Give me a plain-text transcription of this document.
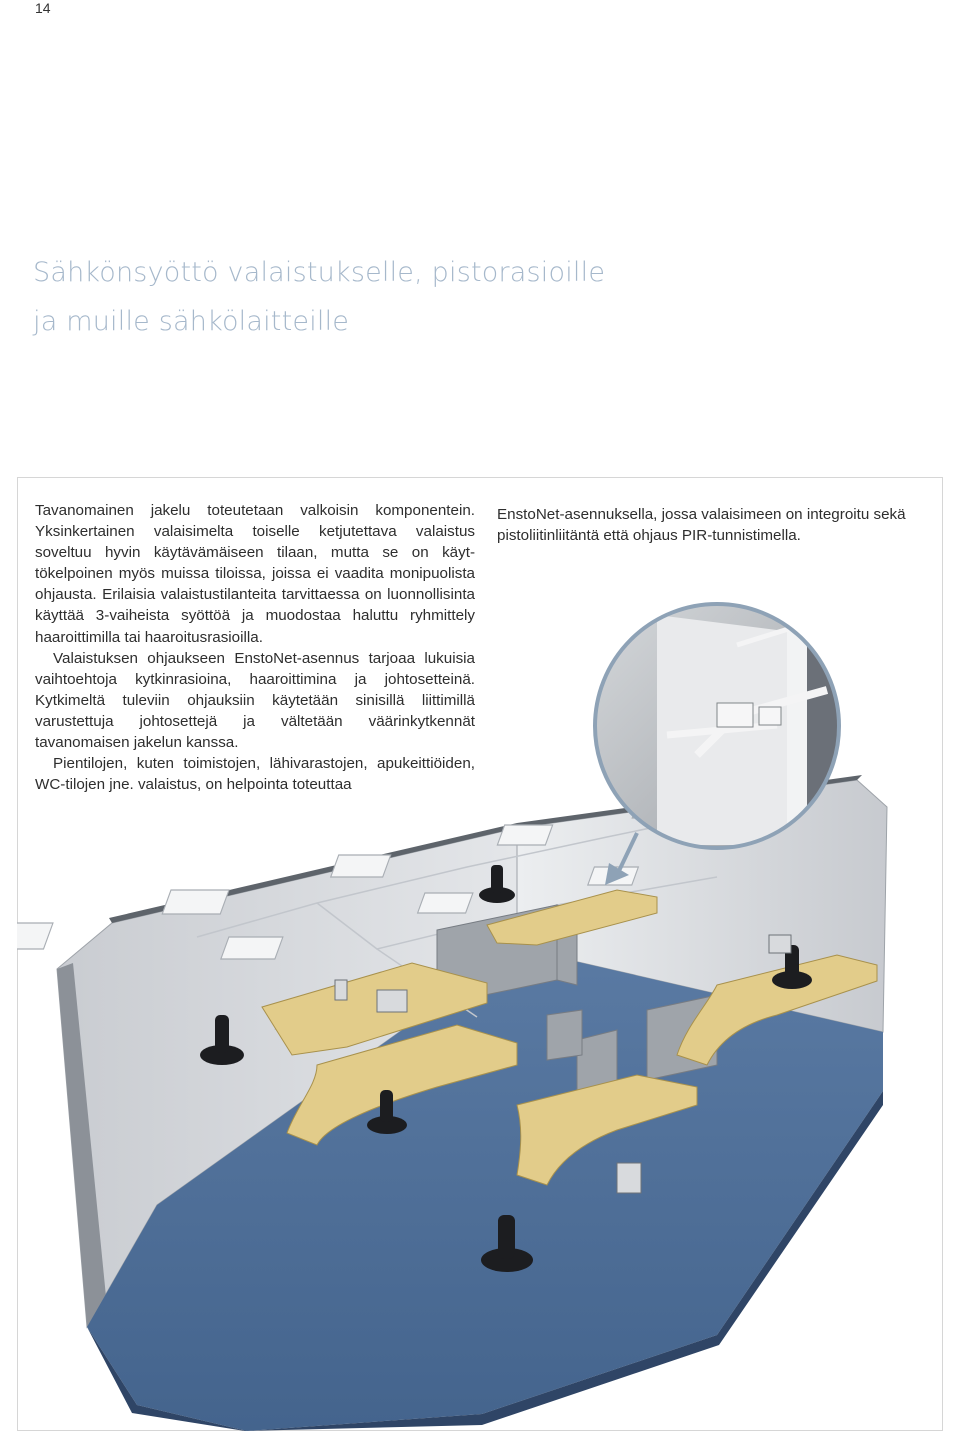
14
Sähkönsyöttö valaistukselle, pistorasioille
ja muille sähkölaitteille

Tavanomainen jakelu toteutetaan valkoisin komponentein. Yksinkertainen valaisimelta toiselle ketjutettava valaistus soveltuu hyvin käytävämäiseen tilaan, mutta se on käyttökelpoinen myös muissa tiloissa, joissa ei vaadita monipuolista ohjausta. Erilaisia valaistustilanteita tarvittaessa on luonnollisinta käyttää 3-vaiheista syöttöä ja muodostaa haluttu ryhmittely haaroittimilla tai haaroitusrasioilla.

Valaistuksen ohjaukseen EnstoNet-asennus tarjoaa lukuisia vaihtoehtoja kytkinrasioina, haaroittimina ja johtosetteinä. Kytkimeltä tuleviin ohjauksiin käytetään sinisillä liittimillä varustettuja johtosettejä ja vältetään väärinkytkennät tavanomaisen jakelun kanssa.

Pientilojen, kuten toimistojen, lähivarastojen, apukeittiöiden, WC-tilojen jne. valaistus, on helpointa toteuttaa

EnstoNet-asennuksella, jossa valaisimeen on integroitu sekä pistoliitinliitäntä että ohjaus PIR-tunnistimella.
